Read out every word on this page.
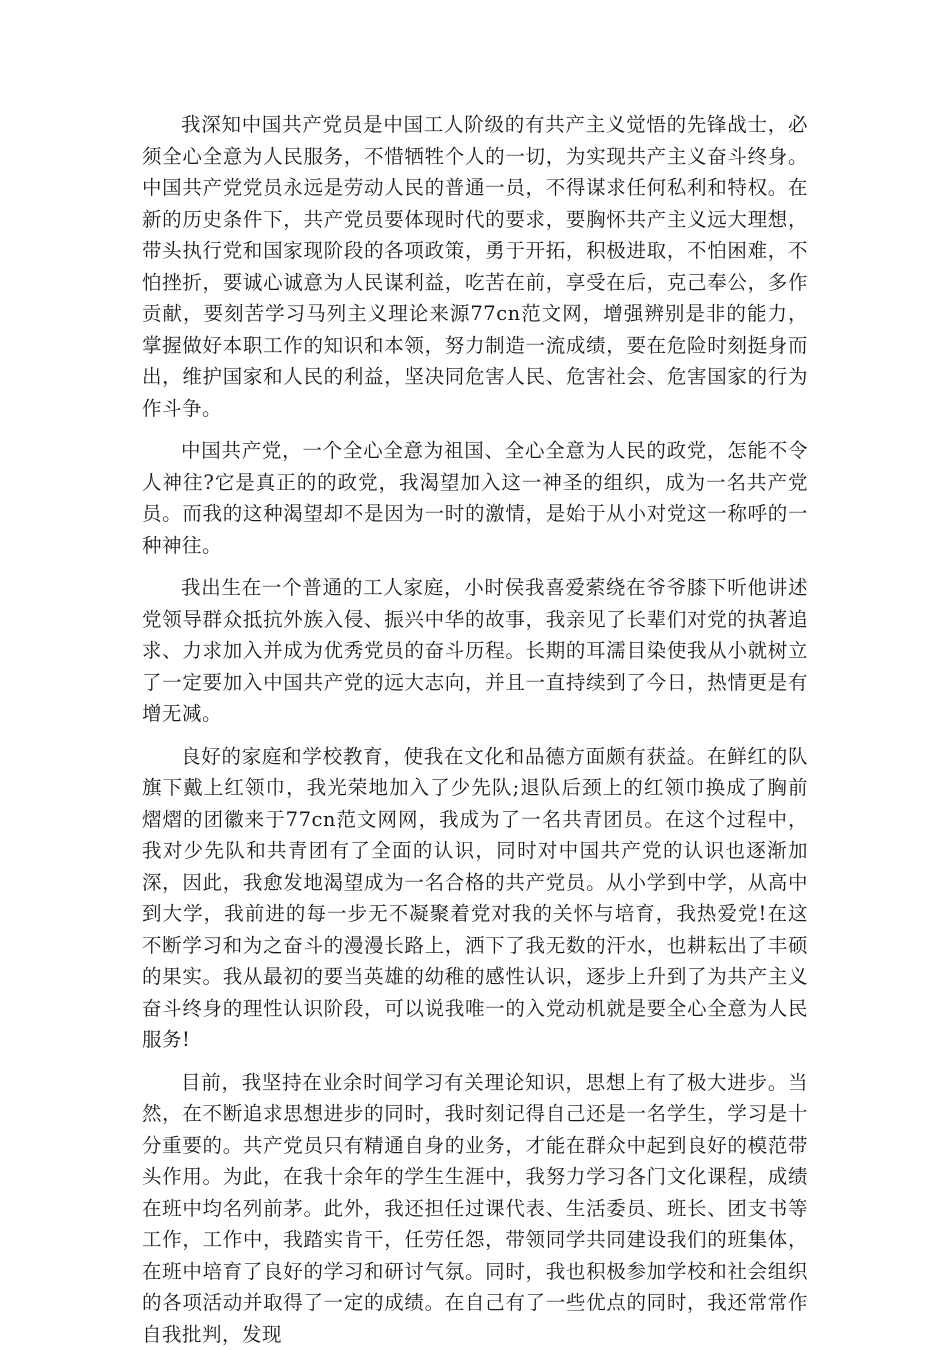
我深知中国共产党员是中国工人阶级的有共产主义觉悟的先锋战士，必须全心全意为人民服务，不惜牺牲个人的一切，为实现共产主义奋斗终身。中国共产党党员永远是劳动人民的普通一员，不得谋求任何私利和特权。在新的历史条件下，共产党员要体现时代的要求，要胸怀共产主义远大理想，带头执行党和国家现阶段的各项政策，勇于开拓，积极进取，不怕困难，不怕挫折，要诚心诚意为人民谋利益，吃苦在前，享受在后，克己奉公，多作贡献，要刻苦学习马列主义理论来源77cn范文网，增强辨别是非的能力，掌握做好本职工作的知识和本领，努力制造一流成绩，要在危险时刻挺身而出，维护国家和人民的利益，坚决同危害人民、危害社会、危害国家的行为作斗争。

中国共产党，一个全心全意为祖国、全心全意为人民的政党，怎能不令人神往?它是真正的的政党，我渴望加入这一神圣的组织，成为一名共产党员。而我的这种渴望却不是因为一时的激情，是始于从小对党这一称呼的一种神往。

我出生在一个普通的工人家庭，小时侯我喜爱萦绕在爷爷膝下听他讲述党领导群众抵抗外族入侵、振兴中华的故事，我亲见了长辈们对党的执著追求、力求加入并成为优秀党员的奋斗历程。长期的耳濡目染使我从小就树立了一定要加入中国共产党的远大志向，并且一直持续到了今日，热情更是有增无减。

良好的家庭和学校教育，使我在文化和品德方面颇有获益。在鲜红的队旗下戴上红领巾，我光荣地加入了少先队;退队后颈上的红领巾换成了胸前熠熠的团徽来于77cn范文网网，我成为了一名共青团员。在这个过程中，我对少先队和共青团有了全面的认识，同时对中国共产党的认识也逐渐加深，因此，我愈发地渴望成为一名合格的共产党员。从小学到中学，从高中到大学，我前进的每一步无不凝聚着党对我的关怀与培育，我热爱党!在这不断学习和为之奋斗的漫漫长路上，洒下了我无数的汗水，也耕耘出了丰硕的果实。我从最初的要当英雄的幼稚的感性认识，逐步上升到了为共产主义奋斗终身的理性认识阶段，可以说我唯一的入党动机就是要全心全意为人民服务!

目前，我坚持在业余时间学习有关理论知识，思想上有了极大进步。当然，在不断追求思想进步的同时，我时刻记得自己还是一名学生，学习是十分重要的。共产党员只有精通自身的业务，才能在群众中起到良好的模范带头作用。为此，在我十余年的学生生涯中，我努力学习各门文化课程，成绩在班中均名列前茅。此外，我还担任过课代表、生活委员、班长、团支书等工作，工作中，我踏实肯干，任劳任怨，带领同学共同建设我们的班集体，在班中培育了良好的学习和研讨气氛。同时，我也积极参加学校和社会组织的各项活动并取得了一定的成绩。在自己有了一些优点的同时，我还常常作自我批判，发现
